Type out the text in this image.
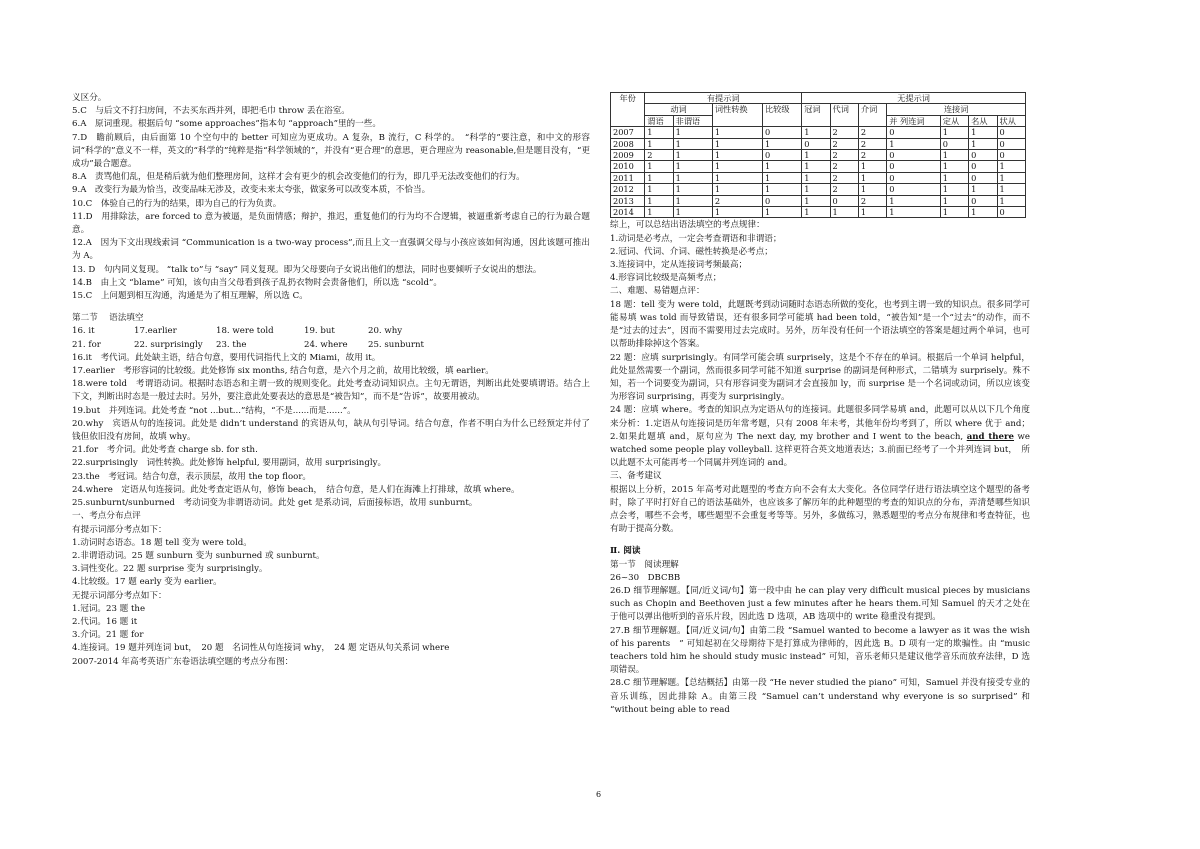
义区分。

5.C　与后文不打扫房间，不去买东西并列，即把毛巾 throw 丢在浴室。

6.A　原词重现。根据后句 “some approaches”指本句 “approach”里的一些。

7.D　瞻前顾后，由后面第 10 个空句中的 better 可知应为更成功。A 复杂，B 流行，C 科学的。　“科学的”要注意，和中文的形容词“科学的”意义不一样，英文的“科学的”纯粹是指“科学领域的”，并没有“更合理”的意思，更合理应为 reasonable,但是题目没有，“更成功”最合题意。

8.A　责骂他们乱，但是稍后就为他们整理房间，这样才会有更少的机会改变他们的行为，即几乎无法改变他们的行为。

9.A　改变行为最为恰当，改变品味无涉及，改变未来太夸张，做家务可以改变本质，不恰当。

10.C　体验自己的行为的结果，即为自己的行为负责。

11.D　用排除法，are forced to 意为被逼，是负面情感；辩护，推迟，重复他们的行为均不合逻辑，被逼重新考虑自己的行为最合题意。

12.A　因为下文出现线索词 “Communication is a two-way process”,而且上文一直强调父母与小孩应该如何沟通，因此该题可推出为 A。

13. D　句内同义复现。 “talk to”与 “say” 同义复现。即为父母要向子女说出他们的想法，同时也要倾听子女说出的想法。

14.B　由上文 “blame” 可知，该句由当父母看到孩子乱扔衣物时会责备他们，所以选 “scold”。

15.C　上问题到相互沟通，沟通是为了相互理解，所以选 C。

第二节　 语法填空

16. it	17.earlier	18. were told	19. but	20. why
21. for	22. surprisingly	23. the	24. where	25. sunburnt

16.it　考代词。此处缺主语，结合句意，要用代词指代上文的 Miami，故用 it。

17.earlier　考形容词的比较级。此处修饰 six months, 结合句意，是六个月之前，故用比较级，填 earlier。

18.were told　考谓语动词。根据时态语态和主谓一致的规则变化。此处考查动词知识点。主句无谓语，判断出此处要填谓语。结合上下文，判断出时态是一般过去时。另外，要注意此处要表达的意思是“被告知”，而不是“告诉”，故要用被动。

19.but　并列连词。此处考查 “not ...but...”结构，“不是......而是......”。

20.why　宾语从句的连接词。此处是 didn’t understand 的宾语从句，缺从句引导词。结合句意，作者不明白为什么已经预定并付了钱但依旧没有房间，故填 why。

21.for　考介词。此处考查 charge sb. for sth.

22.surprisingly　词性转换。此处修饰 helpful, 要用副词，故用 surprisingly。

23.the　考冠词。结合句意，表示顶层，故用 the top floor。

24.where　定语从句连接词。此处考查定语从句，修饰 beach，　结合句意，是人们在海滩上打排球，故填 where。

25.sunburnt/sunburned　考动词变为非谓语动词。此处 get 是系动词，后面接标语，故用 sunburnt。

一、考点分布点评

有提示词部分考点如下：

1.动词时态语态。18 题 tell 变为 were told。

2.非谓语动词。25 题 sunburn 变为 sunburned 或 sunburnt。

3.词性变化。22 题 surprise 变为 surprisingly。

4.比较级。17 题 early 变为 earlier。

无提示词部分考点如下：

1.冠词。23 题 the

2.代词。16 题 it

3.介词。21 题 for

4.连接词。19 题并列连词 but，　20 题　名词性从句连接词 why，　24 题 定语从句关系词 where

2007-2014 年高考英语广东卷语法填空题的考点分布图：

年份	有提示词				无提示词						
	动词		词性转换	比较级	冠词	代词	介词	连接词			
	谓语	非谓语						并 列连词	定从	名从	状从
2007	1	1	1	0	1	2	2	0	1	1	0
2008	1	1	1	1	0	2	2	1	0	1	0
2009	2	1	1	0	1	2	2	0	1	0	0
2010	1	1	1	1	1	2	1	0	1	0	1
2011	1	1	1	1	1	2	1	0	1	0	1
2012	1	1	1	1	1	2	1	0	1	1	1
2013	1	1	2	0	1	0	2	1	1	0	1
2014	1	1	1	1	1	1	1	1	1	1	0

综上，可以总结出语法填空的考点规律：

1.动词是必考点，一定会考查谓语和非谓语；

2.冠词、代词、介词、磁性转换是必考点；

3.连接词中，定从连接词考频最高；

4.形容词比较级是高频考点；

二、难题、易错题点评：

18 题：tell 变为 were told，此题既考到动词随时态语态所做的变化，也考到主谓一致的知识点。很多同学可能易填 was told 而导致错误，还有很多同学可能填 had been told，“被告知”是一个“过去”的动作，而不是“过去的过去”，因而不需要用过去完成时。另外，历年没有任何一个语法填空的答案是超过两个单词，也可以帮助排除掉这个答案。

22 题：应填 surprisingly。有同学可能会填 surprisely，这是个不存在的单词。根据后一个单词 helpful，此处显然需要一个副词，然而很多同学可能不知道 surprise 的副词是何种形式，二错填为 surprisely。殊不知，若一个词要变为副词，只有形容词变为副词才会直接加 ly，而 surprise 是一个名词或动词，所以应该变为形容词 surprising，再变为 surprisingly。

24 题：应填 where。考查的知识点为定语从句的连接词。此题很多同学易填 and，此题可以从以下几个角度来分析：1.定语从句连接词是历年常考题，只有 2008 年未考，其他年份均考到了，所以 where 优于 and；2.如果此题填 and，原句应为 The next day, my brother and I went to the beach, and there we watched some people play volleyball. 这样更符合英文地道表达；3.前面已经考了一个并列连词 but，　所以此题不太可能再考一个同属并列连词的 and。

三、备考建议

根据以上分析，2015 年高考对此题型的考查方向不会有太大变化。各位同学仔进行语法填空这个题型的备考时，除了平时打好自己的语法基础外，也应该多了解历年的此种题型的考查的知识点的分布，弄清楚哪些知识点会考，哪些不会考，哪些题型不会重复考等等。另外，多做练习，熟悉题型的考点分布规律和考查特征，也有助于提高分数。

Ⅱ. 阅读

第一节　阅读理解

26~30　DBCBB

26.D 细节理解题。【同/近义词/句】第一段中由 he can play very difficult musical pieces by musicians such as Chopin and Beethoven just a few minutes after he hears them.可知 Samuel 的天才之处在于他可以弹出他听到的音乐片段，因此选 D 选项，AB 选项中的 write 稳重没有提到。

27.B 细节理解题。【同/近义词/句】由第二段 “Samuel wanted to become a lawyer as it was the wish of his parents　” 可知起初在父母期待下是打算成为律师的，因此选 B。D 项有一定的欺骗性。由 “music teachers told him he should study music instead” 可知，音乐老师只是建议他学音乐而放弃法律，D 选项错误。

28.C 细节理解题。【总结概括】由第一段 “He never studied the piano” 可知，Samuel 并没有接受专业的音乐训练，因此排除 A。由第三段 “Samuel can’t understand why everyone is so surprised” 和 “without being able to read

6
